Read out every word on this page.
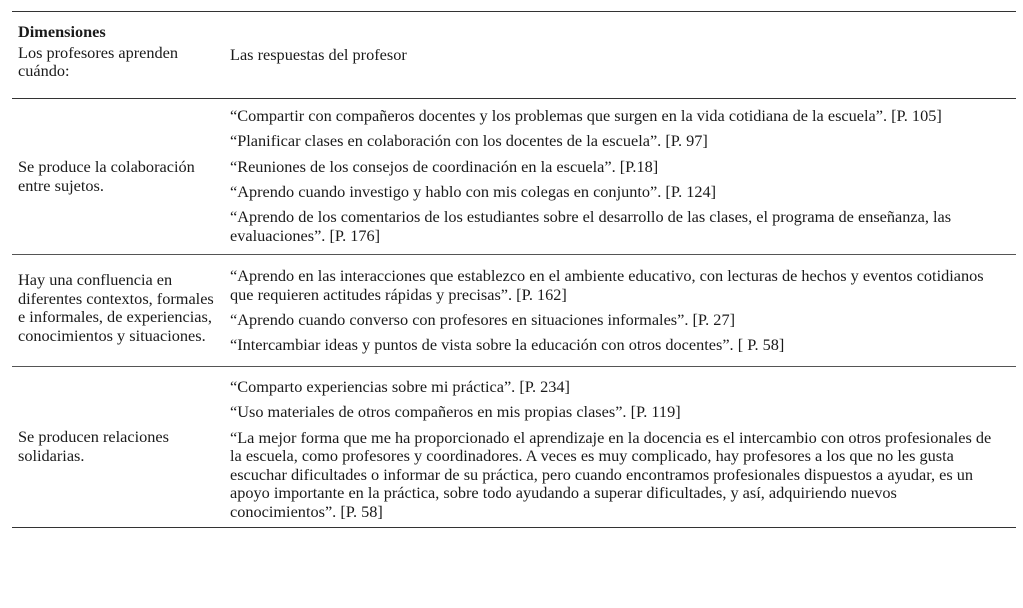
Dimensiones
Los profesores aprenden cuándo:	Las respuestas del profesor
Se produce la colaboración entre sujetos.	“Compartir con compañeros docentes y los problemas que surgen en la vida cotidiana de la escuela”. [P. 105]

“Planificar clases en colaboración con los docentes de la escuela”. [P. 97]

“Reuniones de los consejos de coordinación en la escuela”. [P.18]

“Aprendo cuando investigo y hablo con mis colegas en conjunto”. [P. 124]

“Aprendo de los comentarios de los estudiantes sobre el desarrollo de las clases, el programa de enseñanza, las evaluaciones”. [P. 176]

Hay una confluencia en diferentes contextos, formales e informales, de experiencias, conocimientos y situaciones.	“Aprendo en las interacciones que establezco en el ambiente educativo, con lecturas de hechos y eventos cotidianos que requieren actitudes rápidas y precisas”. [P. 162]

“Aprendo cuando converso con profesores en situaciones informales”. [P. 27]

“Intercambiar ideas y puntos de vista sobre la educación con otros docentes”. [ P. 58]

Se producen relaciones solidarias.	“Comparto experiencias sobre mi práctica”. [P. 234]

“Uso materiales de otros compañeros en mis propias clases”. [P. 119]

“La mejor forma que me ha proporcionado el aprendizaje en la docencia es el intercambio con otros profesionales de la escuela, como profesores y coordinadores. A veces es muy complicado, hay profesores a los que no les gusta escuchar dificultades o informar de su práctica, pero cuando encontramos profesionales dispuestos a ayudar, es un apoyo importante en la práctica, sobre todo ayudando a superar dificultades, y así, adquiriendo nuevos conocimientos”. [P. 58]
